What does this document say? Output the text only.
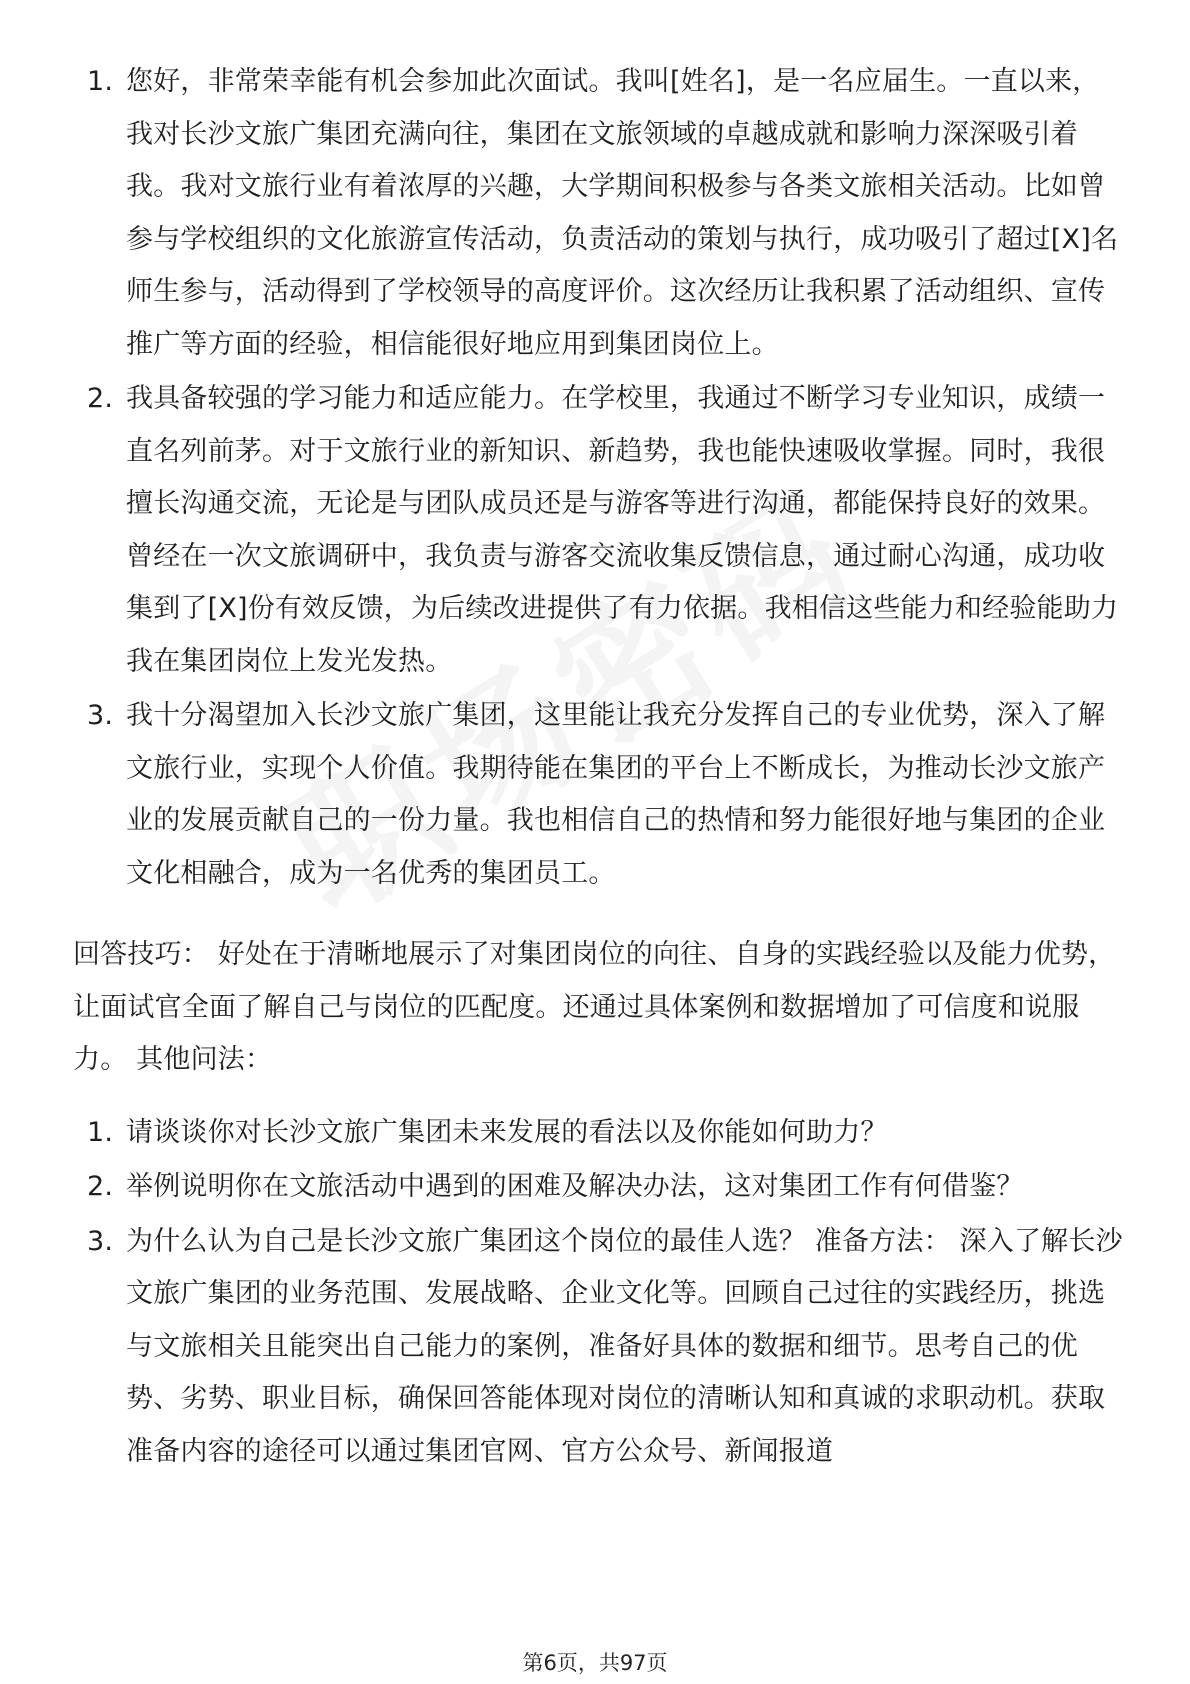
1. 您好，非常荣幸能有机会参加此次面试。我叫[姓名]，是一名应届生。一直以来，我对长沙文旅广集团充满向往，集团在文旅领域的卓越成就和影响力深深吸引着我。我对文旅行业有着浓厚的兴趣，大学期间积极参与各类文旅相关活动。比如曾参与学校组织的文化旅游宣传活动，负责活动的策划与执行，成功吸引了超过[X]名师生参与，活动得到了学校领导的高度评价。这次经历让我积累了活动组织、宣传推广等方面的经验，相信能很好地应用到集团岗位上。
2. 我具备较强的学习能力和适应能力。在学校里，我通过不断学习专业知识，成绩一直名列前茅。对于文旅行业的新知识、新趋势，我也能快速吸收掌握。同时，我很擅长沟通交流，无论是与团队成员还是与游客等进行沟通，都能保持良好的效果。曾经在一次文旅调研中，我负责与游客交流收集反馈信息，通过耐心沟通，成功收集到了[X]份有效反馈，为后续改进提供了有力依据。我相信这些能力和经验能助力我在集团岗位上发光发热。
3. 我十分渴望加入长沙文旅广集团，这里能让我充分发挥自己的专业优势，深入了解文旅行业，实现个人价值。我期待能在集团的平台上不断成长，为推动长沙文旅产业的发展贡献自己的一份力量。我也相信自己的热情和努力能很好地与集团的企业文化相融合，成为一名优秀的集团员工。

回答技巧： 好处在于清晰地展示了对集团岗位的向往、自身的实践经验以及能力优势，让面试官全面了解自己与岗位的匹配度。还通过具体案例和数据增加了可信度和说服力。 其他问法：

1. 请谈谈你对长沙文旅广集团未来发展的看法以及你能如何助力？
2. 举例说明你在文旅活动中遇到的困难及解决办法，这对集团工作有何借鉴？
3. 为什么认为自己是长沙文旅广集团这个岗位的最佳人选？ 准备方法： 深入了解长沙文旅广集团的业务范围、发展战略、企业文化等。回顾自己过往的实践经历，挑选与文旅相关且能突出自己能力的案例，准备好具体的数据和细节。思考自己的优势、劣势、职业目标，确保回答能体现对岗位的清晰认知和真诚的求职动机。获取准备内容的途径可以通过集团官网、官方公众号、新闻报道
第6页，共97页
